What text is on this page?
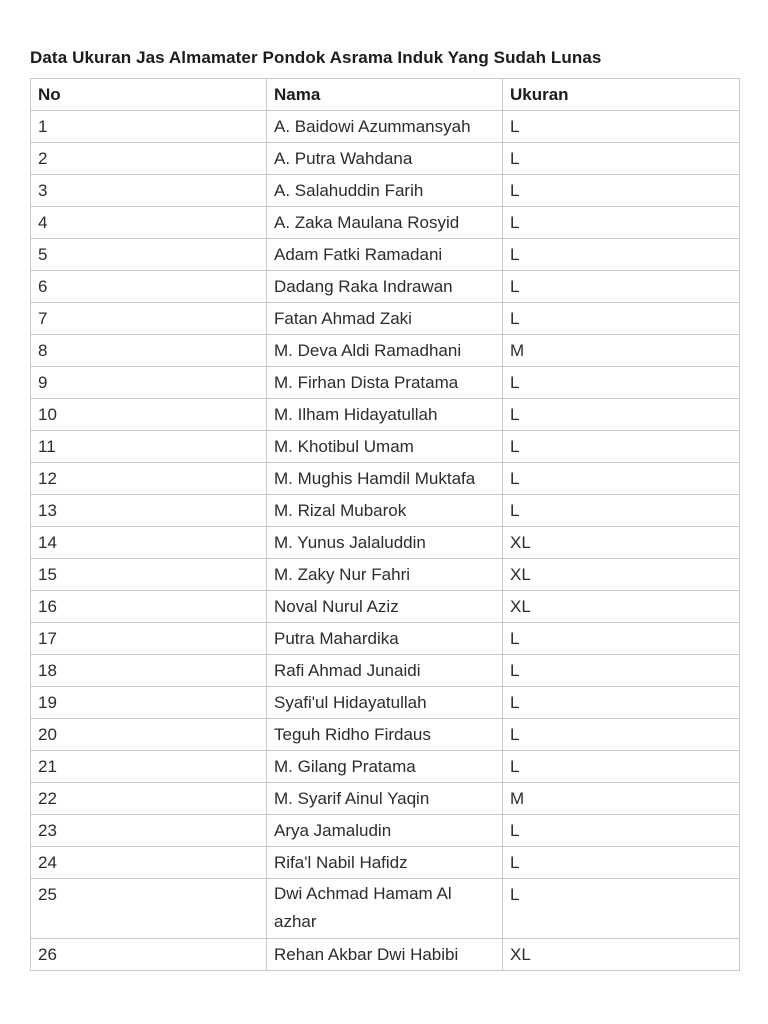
Data Ukuran Jas Almamater Pondok Asrama Induk Yang Sudah Lunas
No	Nama	Ukuran
1	A. Baidowi Azummansyah	L
2	A. Putra Wahdana	L
3	A. Salahuddin Farih	L
4	A. Zaka Maulana Rosyid	L
5	Adam Fatki Ramadani	L
6	Dadang Raka Indrawan	L
7	Fatan Ahmad Zaki	L
8	M. Deva Aldi Ramadhani	M
9	M. Firhan Dista Pratama	L
10	M. Ilham Hidayatullah	L
11	M. Khotibul Umam	L
12	M. Mughis Hamdil Muktafa	L
13	M. Rizal Mubarok	L
14	M. Yunus Jalaluddin	XL
15	M. Zaky Nur Fahri	XL
16	Noval Nurul Aziz	XL
17	Putra Mahardika	L
18	Rafi Ahmad Junaidi	L
19	Syafi'ul Hidayatullah	L
20	Teguh Ridho Firdaus	L
21	M. Gilang Pratama	L
22	M. Syarif Ainul Yaqin	M
23	Arya Jamaludin	L
24	Rifa'l Nabil Hafidz	L
25	Dwi Achmad Hamam Al azhar	L
26	Rehan Akbar Dwi Habibi	XL
